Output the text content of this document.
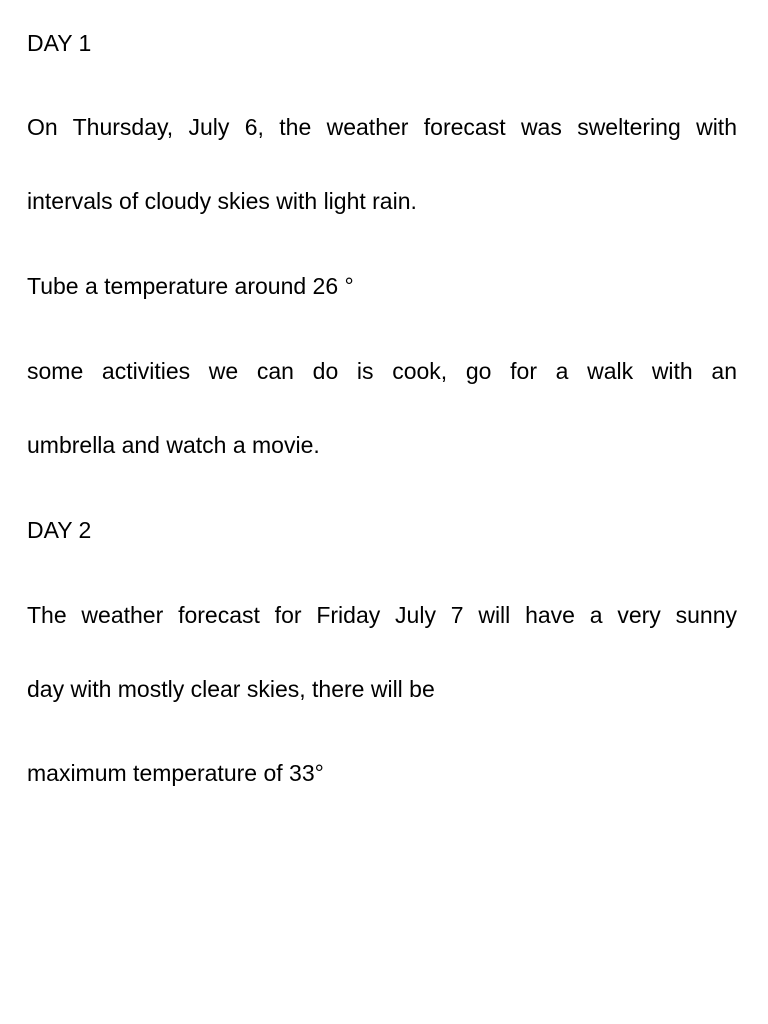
DAY 1
On Thursday, July 6, the weather forecast was sweltering with
intervals of cloudy skies with light rain.
Tube a temperature around 26 °
some activities we can do is cook, go for a walk with an
umbrella and watch a movie.
DAY 2
The weather forecast for Friday July 7 will have a very sunny
day with mostly clear skies, there will be
maximum temperature of 33°
